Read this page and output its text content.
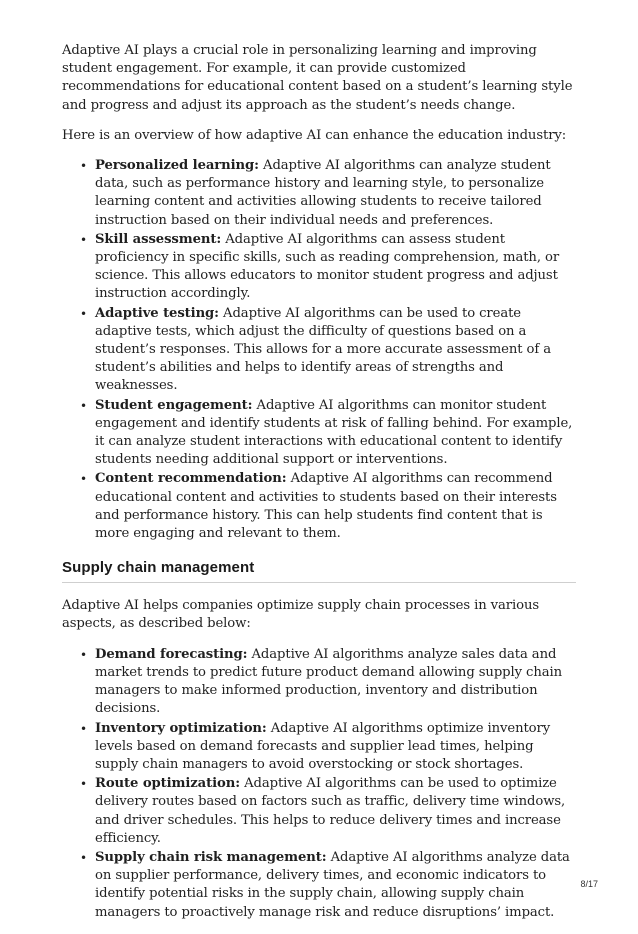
Adaptive AI plays a crucial role in personalizing learning and improving student engagement. For example, it can provide customized recommendations for educational content based on a student’s learning style and progress and adjust its approach as the student’s needs change.

Here is an overview of how adaptive AI can enhance the education industry:

• Personalized learning: Adaptive AI algorithms can analyze student data, such as performance history and learning style, to personalize learning content and activities allowing students to receive tailored instruction based on their individual needs and preferences.
• Skill assessment: Adaptive AI algorithms can assess student proficiency in specific skills, such as reading comprehension, math, or science. This allows educators to monitor student progress and adjust instruction accordingly.
• Adaptive testing: Adaptive AI algorithms can be used to create adaptive tests, which adjust the difficulty of questions based on a student’s responses. This allows for a more accurate assessment of a student’s abilities and helps to identify areas of strengths and weaknesses.
• Student engagement: Adaptive AI algorithms can monitor student engagement and identify students at risk of falling behind. For example, it can analyze student interactions with educational content to identify students needing additional support or interventions.
• Content recommendation: Adaptive AI algorithms can recommend educational content and activities to students based on their interests and performance history. This can help students find content that is more engaging and relevant to them.
Supply chain management

Adaptive AI helps companies optimize supply chain processes in various aspects, as described below:

• Demand forecasting: Adaptive AI algorithms analyze sales data and market trends to predict future product demand allowing supply chain managers to make informed production, inventory and distribution decisions.
• Inventory optimization: Adaptive AI algorithms optimize inventory levels based on demand forecasts and supplier lead times, helping supply chain managers to avoid overstocking or stock shortages.
• Route optimization: Adaptive AI algorithms can be used to optimize delivery routes based on factors such as traffic, delivery time windows, and driver schedules. This helps to reduce delivery times and increase efficiency.
• Supply chain risk management: Adaptive AI algorithms analyze data on supplier performance, delivery times, and economic indicators to identify potential risks in the supply chain, allowing supply chain managers to proactively manage risk and reduce disruptions’ impact.
8/17
